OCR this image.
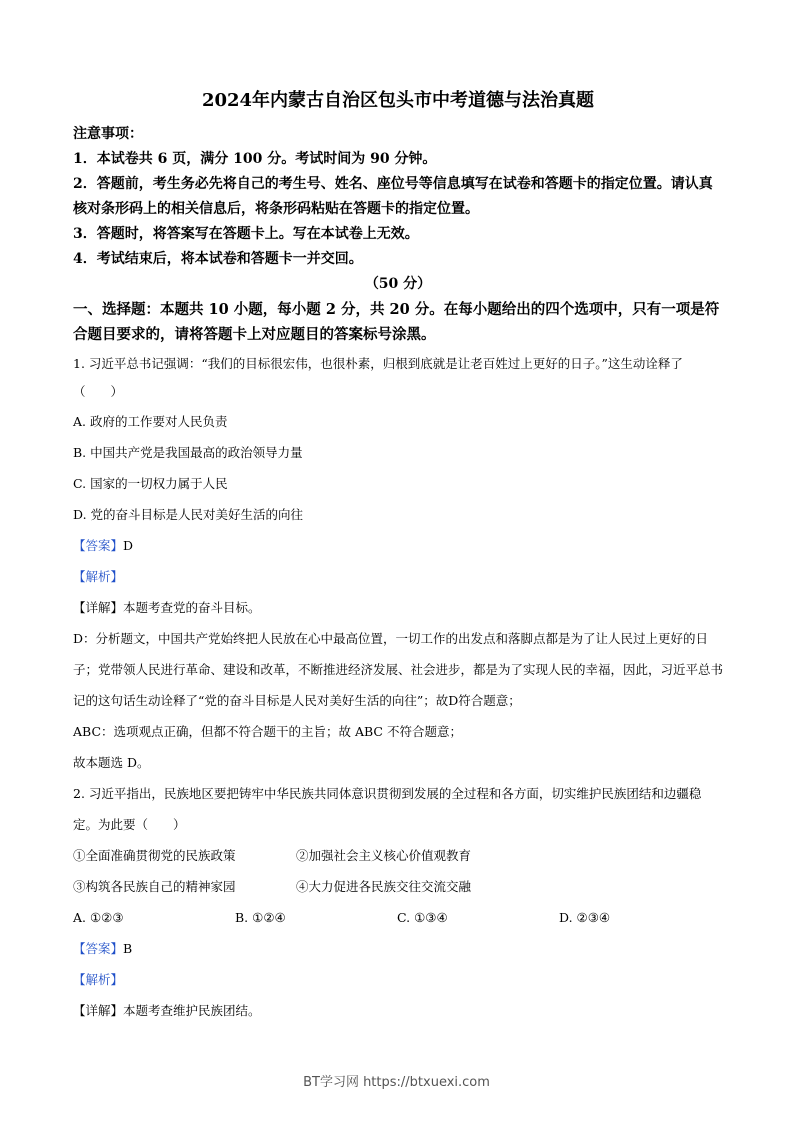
2024年内蒙古自治区包头市中考道德与法治真题

注意事项：

1．本试卷共 6 页，满分 100 分。考试时间为 90 分钟。

2．答题前，考生务必先将自己的考生号、姓名、座位号等信息填写在试卷和答题卡的指定位置。请认真核对条形码上的相关信息后，将条形码粘贴在答题卡的指定位置。

3．答题时，将答案写在答题卡上。写在本试卷上无效。

4．考试结束后，将本试卷和答题卡一并交回。

（50 分）

一、选择题：本题共 10 小题，每小题 2 分，共 20 分。在每小题给出的四个选项中，只有一项是符合题目要求的，请将答题卡上对应题目的答案标号涂黑。

1. 习近平总书记强调：“我们的目标很宏伟，也很朴素，归根到底就是让老百姓过上更好的日子。”这生动诠释了（　　）

A. 政府的工作要对人民负责

B. 中国共产党是我国最高的政治领导力量

C. 国家的一切权力属于人民

D. 党的奋斗目标是人民对美好生活的向往

【答案】D

【解析】

【详解】本题考查党的奋斗目标。

D：分析题文，中国共产党始终把人民放在心中最高位置，一切工作的出发点和落脚点都是为了让人民过上更好的日子；党带领人民进行革命、建设和改革，不断推进经济发展、社会进步，都是为了实现人民的幸福，因此，习近平总书记的这句话生动诠释了“党的奋斗目标是人民对美好生活的向往”；故D符合题意；

ABC：选项观点正确，但都不符合题干的主旨；故 ABC 不符合题意；

故本题选 D。

2. 习近平指出，民族地区要把铸牢中华民族共同体意识贯彻到发展的全过程和各方面，切实维护民族团结和边疆稳定。为此要（　　）

①全面准确贯彻党的民族政策	②加强社会主义核心价值观教育
③构筑各民族自己的精神家园	④大力促进各民族交往交流交融
A. ①②③	B. ①②④	C. ①③④	D. ②③④

【答案】B

【解析】

【详解】本题考查维护民族团结。

BT学习网 https://btxuexi.com
